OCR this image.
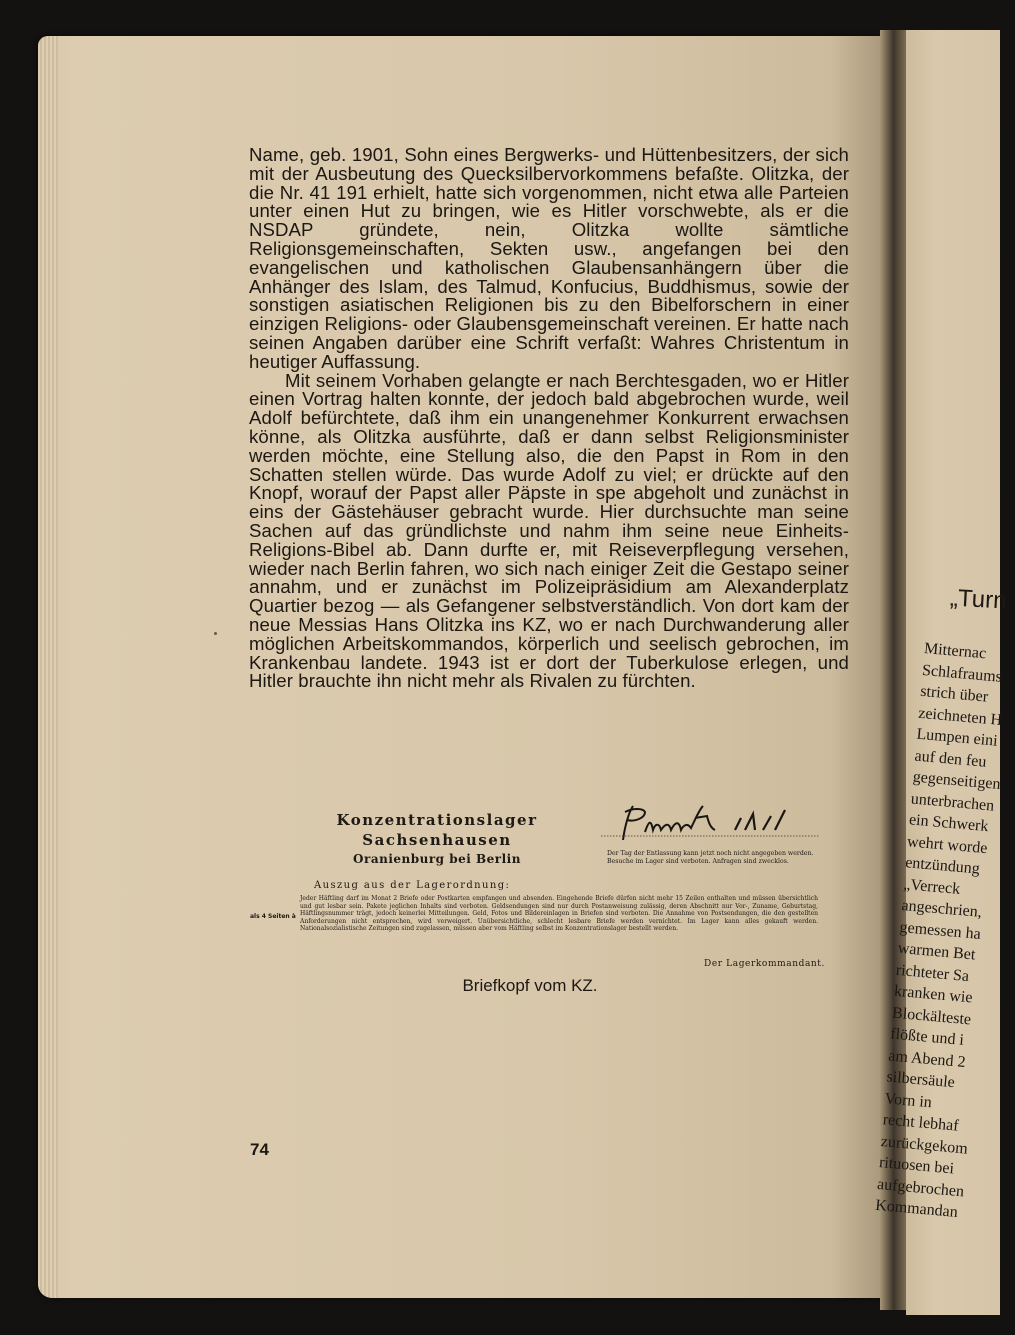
Name, geb. 1901, Sohn eines Bergwerks- und Hüttenbesitzers, der sich mit der Ausbeutung des Quecksilbervorkommens befaßte. Olitzka, der die Nr. 41 191 erhielt, hatte sich vorgenommen, nicht etwa alle Parteien unter einen Hut zu bringen, wie es Hitler vorschwebte, als er die NSDAP gründete, nein, Olitzka wollte sämtliche Religionsgemeinschaften, Sekten usw., angefangen bei den evangelischen und katholischen Glaubensanhängern über die Anhänger des Islam, des Talmud, Konfucius, Buddhismus, sowie der sonstigen asiatischen Religionen bis zu den Bibelforschern in einer einzigen Religions- oder Glaubensgemeinschaft vereinen. Er hatte nach seinen Angaben darüber eine Schrift verfaßt: Wahres Christentum in heutiger Auffassung.

Mit seinem Vorhaben gelangte er nach Berchtesgaden, wo er Hitler einen Vortrag halten konnte, der jedoch bald abgebrochen wurde, weil Adolf befürchtete, daß ihm ein unangenehmer Konkurrent erwachsen könne, als Olitzka ausführte, daß er dann selbst Religionsminister werden möchte, eine Stellung also, die den Papst in Rom in den Schatten stellen würde. Das wurde Adolf zu viel; er drückte auf den Knopf, worauf der Papst aller Päpste in spe abgeholt und zunächst in eins der Gästehäuser gebracht wurde. Hier durchsuchte man seine Sachen auf das gründlichste und nahm ihm seine neue Einheits-Religions-Bibel ab. Dann durfte er, mit Reiseverpflegung versehen, wieder nach Berlin fahren, wo sich nach einiger Zeit die Gestapo seiner annahm, und er zunächst im Polizeipräsidium am Alexanderplatz Quartier bezog — als Gefangener selbstverständlich. Von dort kam der neue Messias Hans Olitzka ins KZ, wo er nach Durchwanderung aller möglichen Arbeitskommandos, körperlich und seelisch gebrochen, im Krankenbau landete. 1943 ist er dort der Tuberkulose erlegen, und Hitler brauchte ihn nicht mehr als Rivalen zu fürchten.

Konzentrationslager
Sachsenhausen
Oranienburg bei Berlin	Der Tag der Entlassung kann jetzt noch nicht angegeben werden. Besuche im Lager sind verboten. Anfragen sind zwecklos.
Auszug aus der Lagerordnung:
als 4 Seiten à
Jeder Häftling darf im Monat 2 Briefe oder Postkarten empfangen und absenden. Eingehende Briefe dürfen nicht mehr 15 Zeilen enthalten und müssen übersichtlich und gut lesbar sein. Pakete jeglichen Inhalts sind verboten. Geldsendungen sind nur durch Postanweisung zulässig, deren Abschnitt nur Vor-, Zuname, Geburtstag, Häftlingsnummer trägt, jedoch keinerlei Mitteilungen. Geld, Fotos und Bildereinlagen in Briefen sind verboten. Die Annahme von Postsendungen, die den gestellten Anforderungen nicht entsprechen, wird verweigert. Unübersichtliche, schlecht lesbare Briefe werden vernichtet. Im Lager kann alles gekauft werden. Nationalsozialistische Zeitungen sind zugelassen, müssen aber vom Häftling selbst im Konzentrationslager bestellt werden.
Der Lagerkommandant.
Briefkopf vom KZ.
74
„Turn
Mitternac
Schlafraums
strich über
zeichneten H
Lumpen eini
auf den feu
gegenseitigen
unterbrachen
ein Schwerk
wehrt worde
entzündung
„Verreck
angeschrien,
gemessen ha
warmen Bet
richteter Sa
kranken wie
Blockälteste
flößte und i
am Abend 2
silbersäule
Vorn in
recht lebhaf
zurückgekom
rituosen bei
aufgebrochen
Kommandan
